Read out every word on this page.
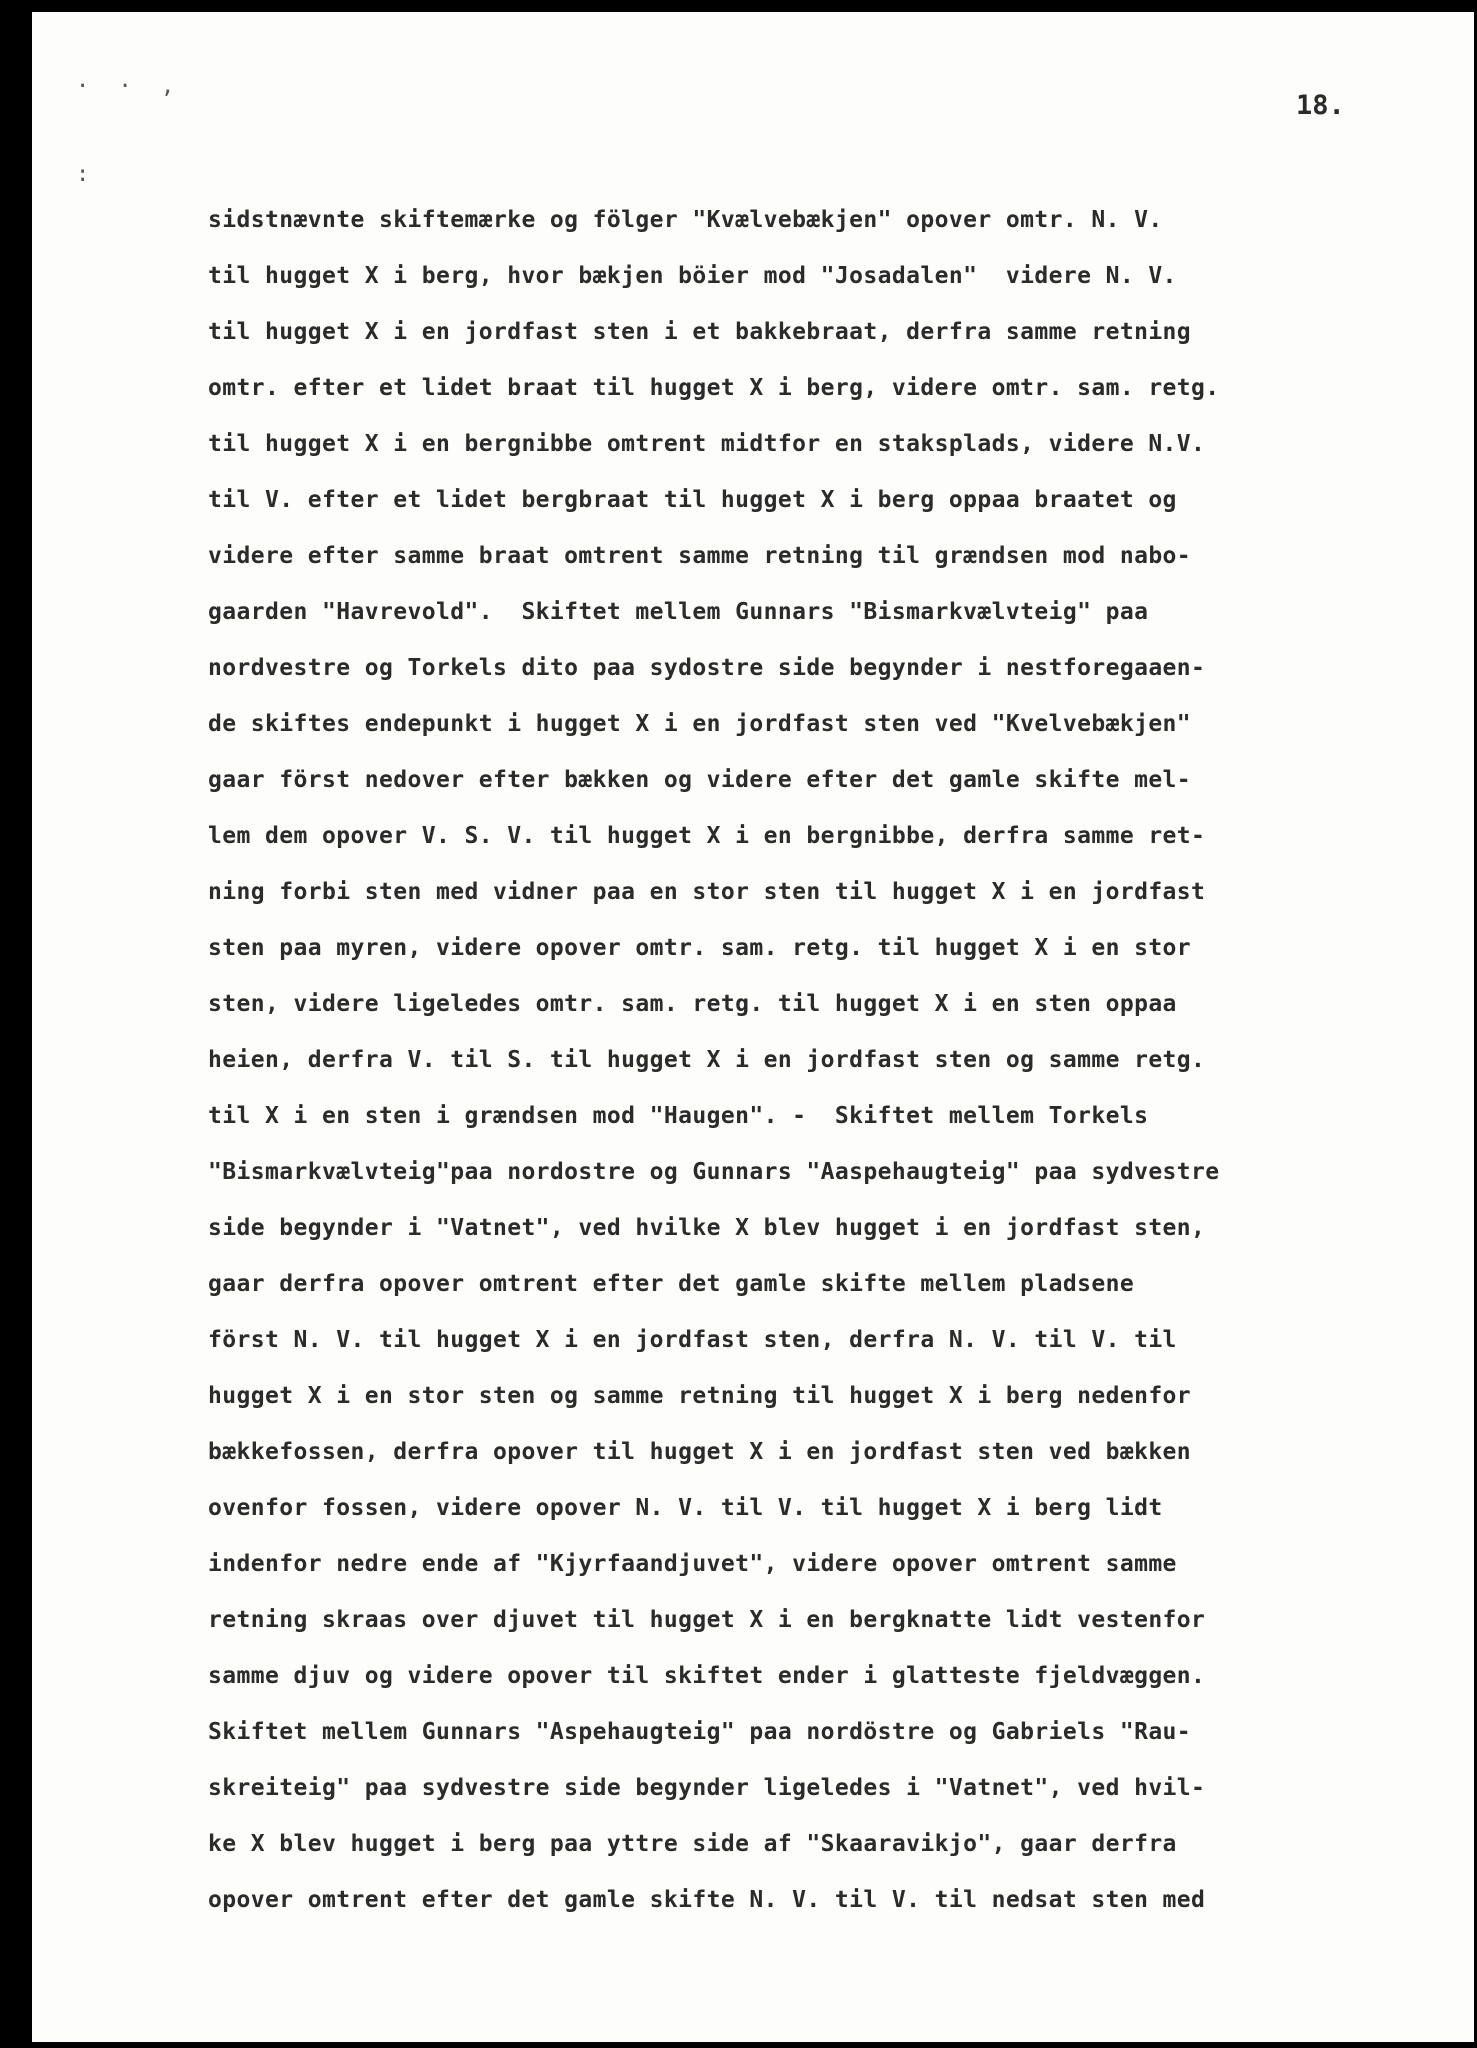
· · ,
:
18.
sidstnævnte skiftemærke og fölger "Kvælvebækjen" opover omtr. N. V.
til hugget X i berg, hvor bækjen böier mod "Josadalen"  videre N. V.
til hugget X i en jordfast sten i et bakkebraat, derfra samme retning
omtr. efter et lidet braat til hugget X i berg, videre omtr. sam. retg.
til hugget X i en bergnibbe omtrent midtfor en staksplads, videre N.V.
til V. efter et lidet bergbraat til hugget X i berg oppaa braatet og
videre efter samme braat omtrent samme retning til grændsen mod nabo-
gaarden "Havrevold".  Skiftet mellem Gunnars "Bismarkvælvteig" paa
nordvestre og Torkels dito paa sydostre side begynder i nestforegaaen-
de skiftes endepunkt i hugget X i en jordfast sten ved "Kvelvebækjen"
gaar först nedover efter bækken og videre efter det gamle skifte mel-
lem dem opover V. S. V. til hugget X i en bergnibbe, derfra samme ret-
ning forbi sten med vidner paa en stor sten til hugget X i en jordfast
sten paa myren, videre opover omtr. sam. retg. til hugget X i en stor
sten, videre ligeledes omtr. sam. retg. til hugget X i en sten oppaa
heien, derfra V. til S. til hugget X i en jordfast sten og samme retg.
til X i en sten i grændsen mod "Haugen". -  Skiftet mellem Torkels
"Bismarkvælvteig"paa nordostre og Gunnars "Aaspehaugteig" paa sydvestre
side begynder i "Vatnet", ved hvilke X blev hugget i en jordfast sten,
gaar derfra opover omtrent efter det gamle skifte mellem pladsene
först N. V. til hugget X i en jordfast sten, derfra N. V. til V. til
hugget X i en stor sten og samme retning til hugget X i berg nedenfor
bækkefossen, derfra opover til hugget X i en jordfast sten ved bækken
ovenfor fossen, videre opover N. V. til V. til hugget X i berg lidt
indenfor nedre ende af "Kjyrfaandjuvet", videre opover omtrent samme
retning skraas over djuvet til hugget X i en bergknatte lidt vestenfor
samme djuv og videre opover til skiftet ender i glatteste fjeldvæggen.
Skiftet mellem Gunnars "Aspehaugteig" paa nordöstre og Gabriels "Rau-
skreiteig" paa sydvestre side begynder ligeledes i "Vatnet", ved hvil-
ke X blev hugget i berg paa yttre side af "Skaaravikjo", gaar derfra
opover omtrent efter det gamle skifte N. V. til V. til nedsat sten med
